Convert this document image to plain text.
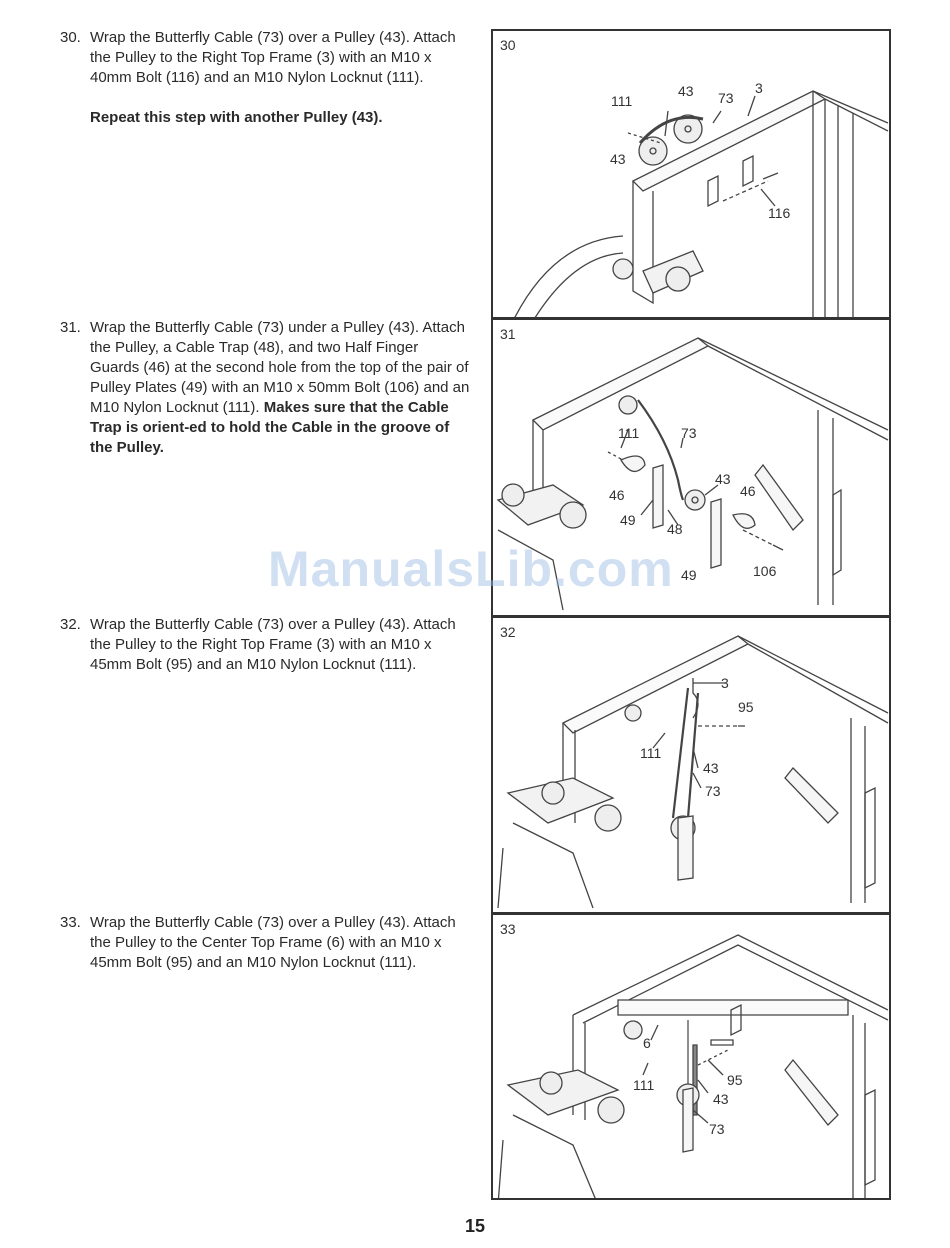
30. Wrap the Butterfly Cable (73) over a Pulley (43). Attach the Pulley to the Right Top Frame (3) with an M10 x 40mm Bolt (116) and an M10 Nylon Locknut (111).
Repeat this step with another Pulley (43).
31. Wrap the Butterfly Cable (73) under a Pulley (43). Attach the Pulley, a Cable Trap (48), and two Half Finger Guards (46) at the second hole from the top of the pair of Pulley Plates (49) with an M10 x 50mm Bolt (106) and an M10 Nylon Locknut (111). Makes sure that the Cable Trap is orient-ed to hold the Cable in the groove of the Pulley.
32. Wrap the Butterfly Cable (73) over a Pulley (43). Attach the Pulley to the Right Top Frame (3) with an M10 x 45mm Bolt (95) and an M10 Nylon Locknut (111).
33. Wrap the Butterfly Cable (73) over a Pulley (43). Attach the Pulley to the Center Top Frame (6) with an M10 x 45mm Bolt (95) and an M10 Nylon Locknut (111).
30
111
43 73
3
43
116
31
111	73
43
46	46
49
48
49	106
32
3
95
111
43
73
33
6
111	95
43
73
ManualsLib.com
15
